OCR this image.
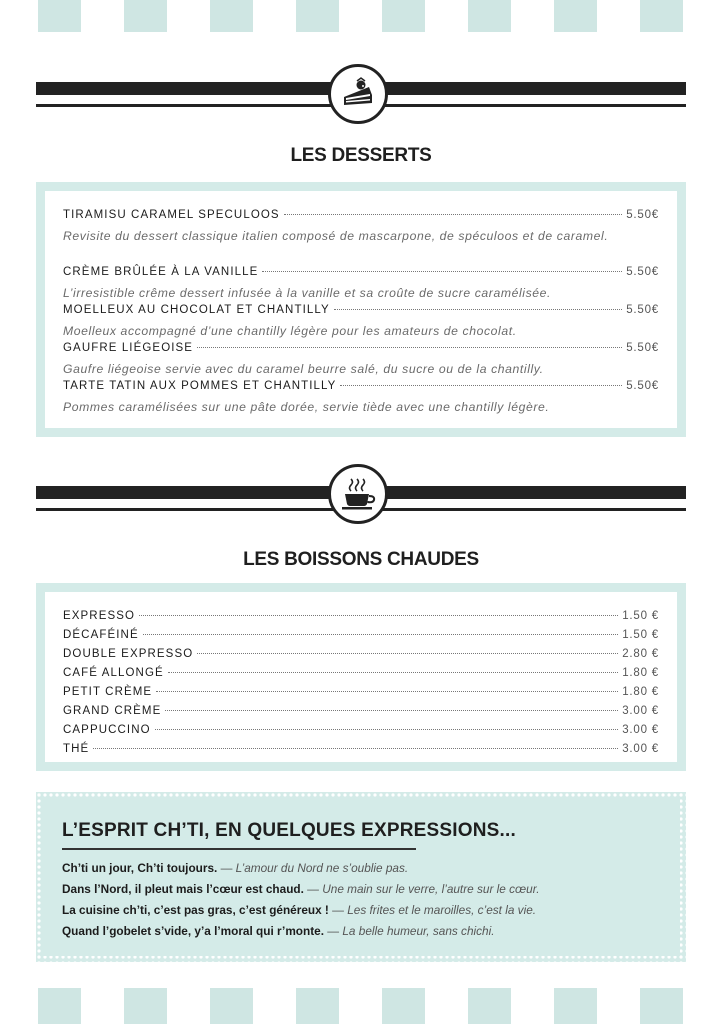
LES DESSERTS
TIRAMISU CARAMEL SPECULOOS	5.50€
Revisite du dessert classique italien composé de mascarpone, de spéculoos et de caramel.
CRÈME BRÛLÉE À LA VANILLE	5.50€
L’irresistible crême dessert infusée à la vanille et sa croûte de sucre caramélisée.
MOELLEUX AU CHOCOLAT ET CHANTILLY	5.50€
Moelleux accompagné d’une chantilly légère pour les amateurs de chocolat.
GAUFRE LIÉGEOISE	5.50€
Gaufre liégeoise servie avec du caramel beurre salé, du sucre ou de la chantilly.
TARTE TATIN AUX POMMES ET CHANTILLY	5.50€
Pommes caramélisées sur une pâte dorée, servie tiède avec une chantilly légère.
LES BOISSONS CHAUDES
EXPRESSO	1.50 €
DÉCAFÉINÉ	1.50 €
DOUBLE EXPRESSO	2.80 €
CAFÉ ALLONGÉ	1.80 €
PETIT CRÈME	1.80 €
GRAND CRÈME	3.00 €
CAPPUCCINO	3.00 €
THÉ	3.00 €
L’ESPRIT CH’TI, EN QUELQUES EXPRESSIONS...
Ch’ti un jour, Ch’ti toujours. — L’amour du Nord ne s’oublie pas.
Dans l’Nord, il pleut mais l’cœur est chaud. — Une main sur le verre, l’autre sur le cœur.
La cuisine ch’ti, c’est pas gras, c’est généreux ! — Les frites et le maroilles, c’est la vie.
Quand l’gobelet s’vide, y’a l’moral qui r’monte. — La belle humeur, sans chichi.
